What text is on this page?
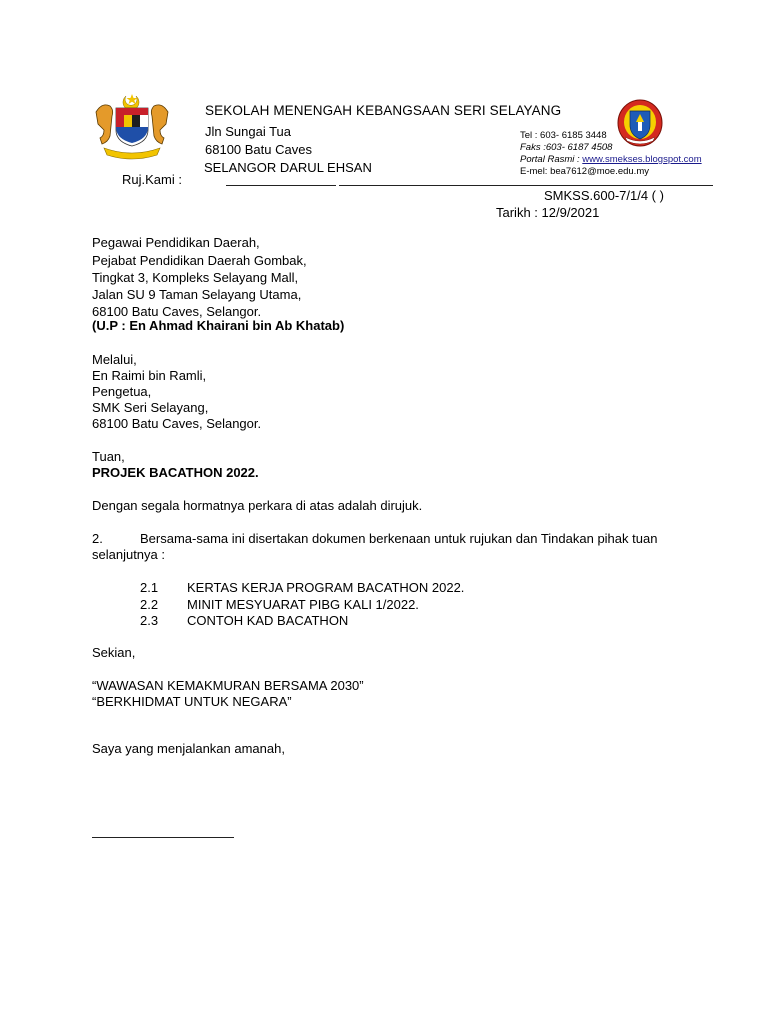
SEKOLAH MENENGAH KEBANGSAAN SERI SELAYANG
Jln Sungai Tua
68100 Batu Caves
SELANGOR DARUL EHSAN
Ruj.Kami :
Tel : 603- 6185 3448
Faks :603- 6187 4508
Portal Rasmi : www.smekses.blogspot.com
E-mel: bea7612@moe.edu.my
SMKSS.600-7/1/4 ( )
Tarikh : 12/9/2021
Pegawai Pendidikan Daerah,
Pejabat Pendidikan Daerah Gombak,
Tingkat 3, Kompleks Selayang Mall,
Jalan SU 9 Taman Selayang Utama,
68100 Batu Caves, Selangor.
(U.P : En Ahmad Khairani bin Ab Khatab)
Melalui,
En Raimi bin Ramli,
Pengetua,
SMK Seri Selayang,
68100 Batu Caves, Selangor.
Tuan,
PROJEK BACATHON 2022.
Dengan segala hormatnya perkara di atas adalah dirujuk.
2.	Bersama-sama ini disertakan dokumen berkenaan untuk rujukan dan Tindakan pihak tuan
selanjutnya :
2.1 KERTAS KERJA PROGRAM BACATHON 2022.
2.2 MINIT MESYUARAT PIBG KALI 1/2022.
2.3 CONTOH KAD BACATHON
Sekian,
“WAWASAN KEMAKMURAN BERSAMA 2030”
“BERKHIDMAT UNTUK NEGARA”
Saya yang menjalankan amanah,
